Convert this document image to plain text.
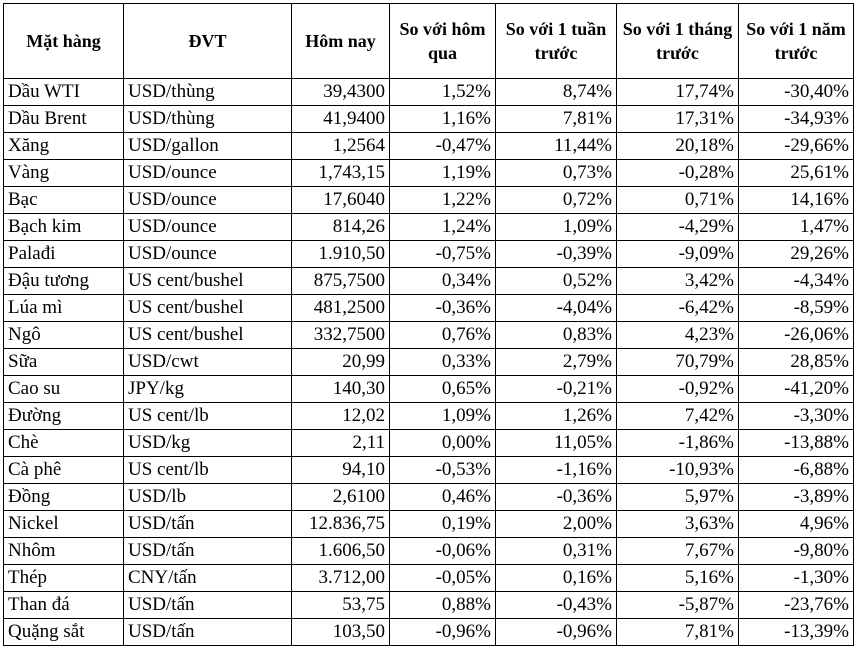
Mặt hàng	ĐVT	Hôm nay	So với hôm qua	So với 1 tuần trước	So với 1 tháng trước	So với 1 năm trước
Dầu WTI	USD/thùng	39,4300	1,52%	8,74%	17,74%	-30,40%
Dầu Brent	USD/thùng	41,9400	1,16%	7,81%	17,31%	-34,93%
Xăng	USD/gallon	1,2564	-0,47%	11,44%	20,18%	-29,66%
Vàng	USD/ounce	1,743,15	1,19%	0,73%	-0,28%	25,61%
Bạc	USD/ounce	17,6040	1,22%	0,72%	0,71%	14,16%
Bạch kim	USD/ounce	814,26	1,24%	1,09%	-4,29%	1,47%
Palađi	USD/ounce	1.910,50	-0,75%	-0,39%	-9,09%	29,26%
Đậu tương	US cent/bushel	875,7500	0,34%	0,52%	3,42%	-4,34%
Lúa mì	US cent/bushel	481,2500	-0,36%	-4,04%	-6,42%	-8,59%
Ngô	US cent/bushel	332,7500	0,76%	0,83%	4,23%	-26,06%
Sữa	USD/cwt	20,99	0,33%	2,79%	70,79%	28,85%
Cao su	JPY/kg	140,30	0,65%	-0,21%	-0,92%	-41,20%
Đường	US cent/lb	12,02	1,09%	1,26%	7,42%	-3,30%
Chè	USD/kg	2,11	0,00%	11,05%	-1,86%	-13,88%
Cà phê	US cent/lb	94,10	-0,53%	-1,16%	-10,93%	-6,88%
Đồng	USD/lb	2,6100	0,46%	-0,36%	5,97%	-3,89%
Nickel	USD/tấn	12.836,75	0,19%	2,00%	3,63%	4,96%
Nhôm	USD/tấn	1.606,50	-0,06%	0,31%	7,67%	-9,80%
Thép	CNY/tấn	3.712,00	-0,05%	0,16%	5,16%	-1,30%
Than đá	USD/tấn	53,75	0,88%	-0,43%	-5,87%	-23,76%
Quặng sắt	USD/tấn	103,50	-0,96%	-0,96%	7,81%	-13,39%
